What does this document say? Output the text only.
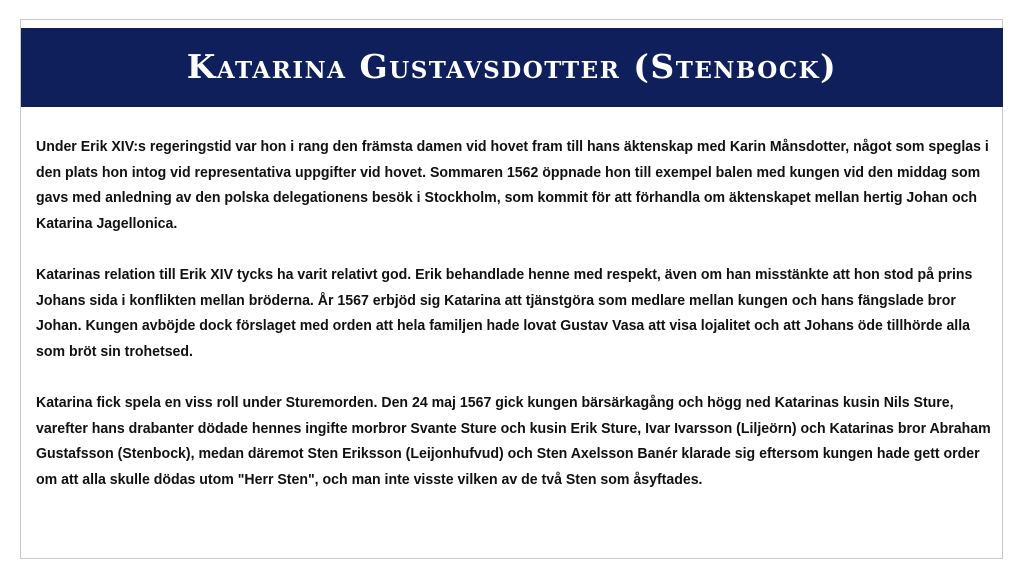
Katarina Gustavsdotter (Stenbock)

Under Erik XIV:s regeringstid var hon i rang den främsta damen vid hovet fram till hans äktenskap med Karin Månsdotter, något som speglas i den plats hon intog vid representativa uppgifter vid hovet. Sommaren 1562 öppnade hon till exempel balen med kungen vid den middag som gavs med anledning av den polska delegationens besök i Stockholm, som kommit för att förhandla om äktenskapet mellan hertig Johan och Katarina Jagellonica.

Katarinas relation till Erik XIV tycks ha varit relativt god. Erik behandlade henne med respekt, även om han misstänkte att hon stod på prins Johans sida i konflikten mellan bröderna. År 1567 erbjöd sig Katarina att tjänstgöra som medlare mellan kungen och hans fängslade bror Johan. Kungen avböjde dock förslaget med orden att hela familjen hade lovat Gustav Vasa att visa lojalitet och att Johans öde tillhörde alla som bröt sin trohetsed.

Katarina fick spela en viss roll under Sturemorden. Den 24 maj 1567 gick kungen bärsärkagång och högg ned Katarinas kusin Nils Sture, varefter hans drabanter dödade hennes ingifte morbror Svante Sture och kusin Erik Sture, Ivar Ivarsson (Liljeörn) och Katarinas bror Abraham Gustafsson (Stenbock), medan däremot Sten Eriksson (Leijonhufvud) och Sten Axelsson Banér klarade sig eftersom kungen hade gett order om att alla skulle dödas utom "Herr Sten", och man inte visste vilken av de två Sten som åsyftades.
